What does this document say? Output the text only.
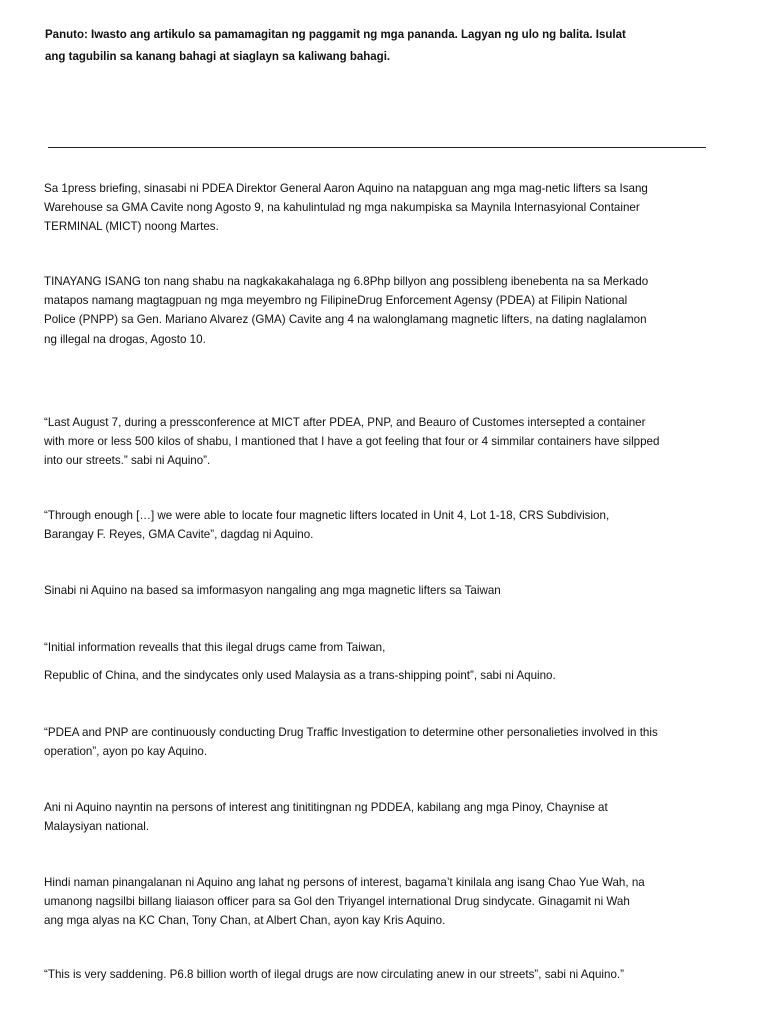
Panuto: Iwasto ang artikulo sa pamamagitan ng paggamit ng mga pananda. Lagyan ng ulo ng balita. Isulat
ang tagubilin sa kanang bahagi at siaglayn sa kaliwang bahagi.

Sa 1press briefing, sinasabi ni PDEA Direktor General Aaron Aquino na natapguan ang mga mag-netic lifters sa Isang
Warehouse sa GMA Cavite nong Agosto 9, na kahulintulad ng mga nakumpiska sa Maynila Internasyional Container
TERMINAL (MICT) noong Martes.

TINAYANG ISANG ton nang shabu na nagkakakahalaga ng 6.8Php billyon ang possibleng ibenebenta na sa Merkado
matapos namang magtagpuan ng mga meyembro ng FilipineDrug Enforcement Agensy (PDEA) at Filipin National
Police (PNPP) sa Gen. Mariano Alvarez (GMA) Cavite ang 4 na walonglamang magnetic lifters, na dating naglalamon
ng illegal na drogas, Agosto 10.

“Last August 7, during a pressconference at MICT after PDEA, PNP, and Beauro of Customes intersepted a container
with more or less 500 kilos of shabu, I mantioned that I have a got feeling that four or 4 simmilar containers have silpped
into our streets.” sabi ni Aquino”.

“Through enough […] we were able to locate four magnetic lifters located in Unit 4, Lot 1-18, CRS Subdivision,
Barangay F. Reyes, GMA Cavite”, dagdag ni Aquino.

Sinabi ni Aquino na based sa imformasyon nangaling ang mga magnetic lifters sa Taiwan

“Initial information revealls that this ilegal drugs came from Taiwan,

Republic of China, and the sindycates only used Malaysia as a trans-shipping point”, sabi ni Aquino.

“PDEA and PNP are continuously conducting Drug Traffic Investigation to determine other personalieties involved in this
operation”, ayon po kay Aquino.

Ani ni Aquino nayntin na persons of interest ang tinititingnan ng PDDEA, kabilang ang mga Pinoy, Chaynise at
Malaysiyan national.

Hindi naman pinangalanan ni Aquino ang lahat ng persons of interest, bagama’t kinilala ang isang Chao Yue Wah, na
umanong nagsilbi billang liaiason officer para sa Gol den Triyangel international Drug sindycate. Ginagamit ni Wah
ang mga alyas na KC Chan, Tony Chan, at Albert Chan, ayon kay Kris Aquino.

“This is very saddening. P6.8 billion worth of ilegal drugs are now circulating anew in our streets”, sabi ni Aquino.”
